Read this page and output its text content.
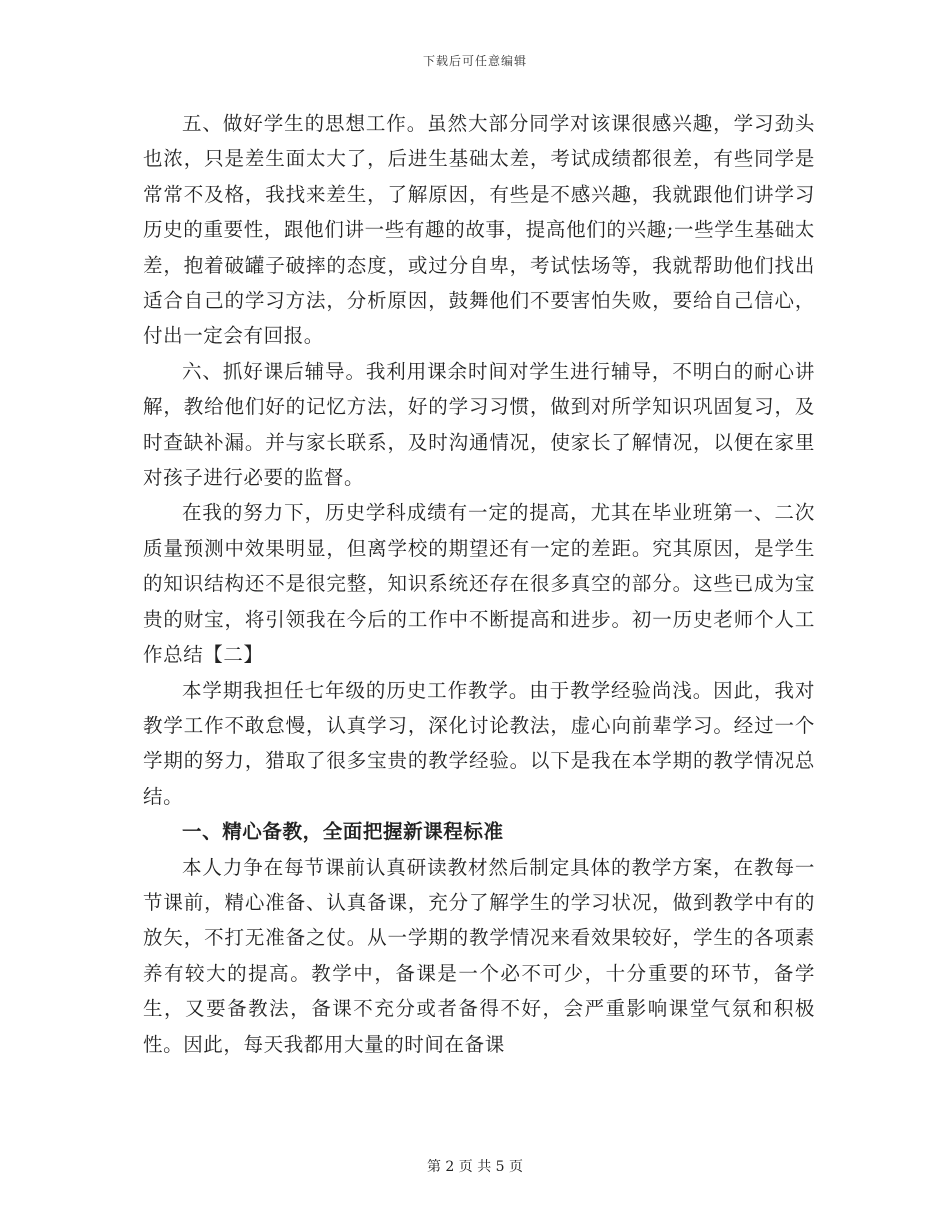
下载后可任意编辑

五、做好学生的思想工作。虽然大部分同学对该课很感兴趣，学习劲头也浓，只是差生面太大了，后进生基础太差，考试成绩都很差，有些同学是常常不及格，我找来差生，了解原因，有些是不感兴趣，我就跟他们讲学习历史的重要性，跟他们讲一些有趣的故事，提高他们的兴趣;一些学生基础太差，抱着破罐子破摔的态度，或过分自卑，考试怯场等，我就帮助他们找出适合自己的学习方法，分析原因，鼓舞他们不要害怕失败，要给自己信心，付出一定会有回报。

六、抓好课后辅导。我利用课余时间对学生进行辅导，不明白的耐心讲解，教给他们好的记忆方法，好的学习习惯，做到对所学知识巩固复习，及时查缺补漏。并与家长联系，及时沟通情况，使家长了解情况，以便在家里对孩子进行必要的监督。

在我的努力下，历史学科成绩有一定的提高，尤其在毕业班第一、二次质量预测中效果明显，但离学校的期望还有一定的差距。究其原因，是学生的知识结构还不是很完整，知识系统还存在很多真空的部分。这些已成为宝贵的财宝，将引领我在今后的工作中不断提高和进步。初一历史老师个人工作总结【二】

本学期我担任七年级的历史工作教学。由于教学经验尚浅。因此，我对教学工作不敢怠慢，认真学习，深化讨论教法，虚心向前辈学习。经过一个学期的努力，猎取了很多宝贵的教学经验。以下是我在本学期的教学情况总结。

一、精心备教，全面把握新课程标准

本人力争在每节课前认真研读教材然后制定具体的教学方案，在教每一节课前，精心准备、认真备课，充分了解学生的学习状况，做到教学中有的放矢，不打无准备之仗。从一学期的教学情况来看效果较好，学生的各项素养有较大的提高。教学中，备课是一个必不可少，十分重要的环节，备学生，又要备教法，备课不充分或者备得不好，会严重影响课堂气氛和积极性。因此，每天我都用大量的时间在备课

第 2 页 共 5 页
